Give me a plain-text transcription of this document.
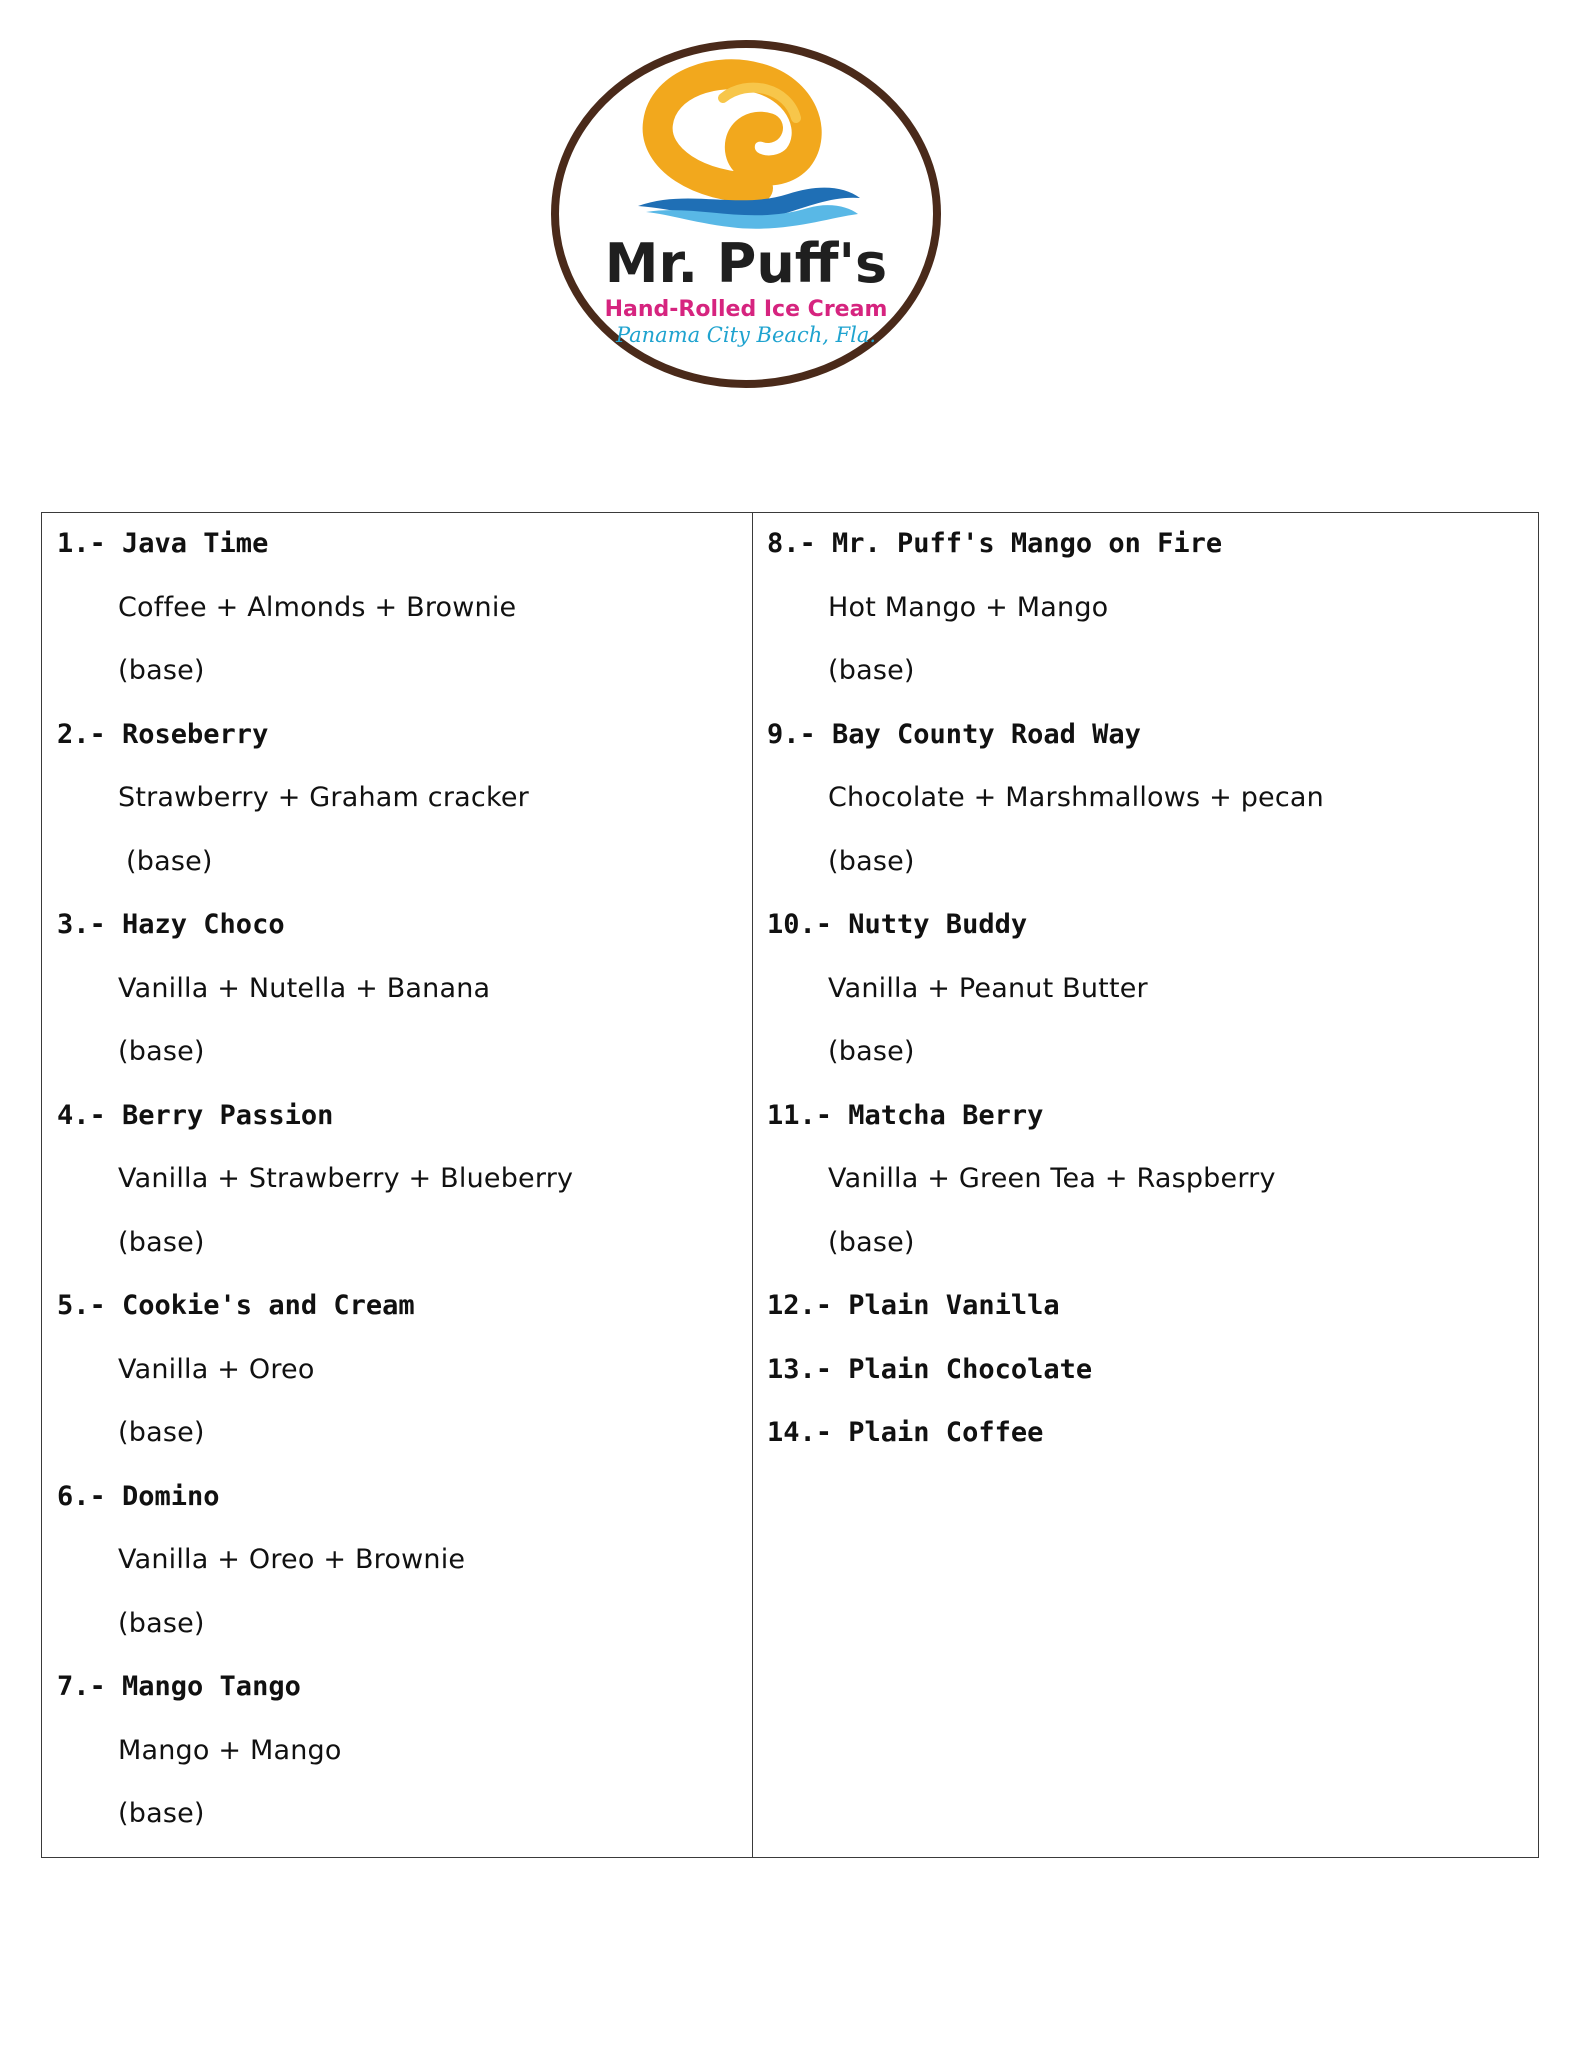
Mr. Puff's
Hand-Rolled Ice Cream
Panama City Beach, Fla.
1.- Java Time
Coffee + Almonds + Brownie
(base)
2.- Roseberry
Strawberry + Graham cracker
(base)
3.- Hazy Choco
Vanilla + Nutella + Banana
(base)
4.- Berry Passion
Vanilla + Strawberry + Blueberry
(base)
5.- Cookie's and Cream
Vanilla + Oreo
(base)
6.- Domino
Vanilla + Oreo + Brownie
(base)
7.- Mango Tango
Mango + Mango
(base)
8.- Mr. Puff's Mango on Fire
Hot Mango + Mango
(base)
9.- Bay County Road Way
Chocolate + Marshmallows + pecan
(base)
10.- Nutty Buddy
Vanilla + Peanut Butter
(base)
11.- Matcha Berry
Vanilla + Green Tea + Raspberry
(base)
12.- Plain Vanilla
13.- Plain Chocolate
14.- Plain Coffee
